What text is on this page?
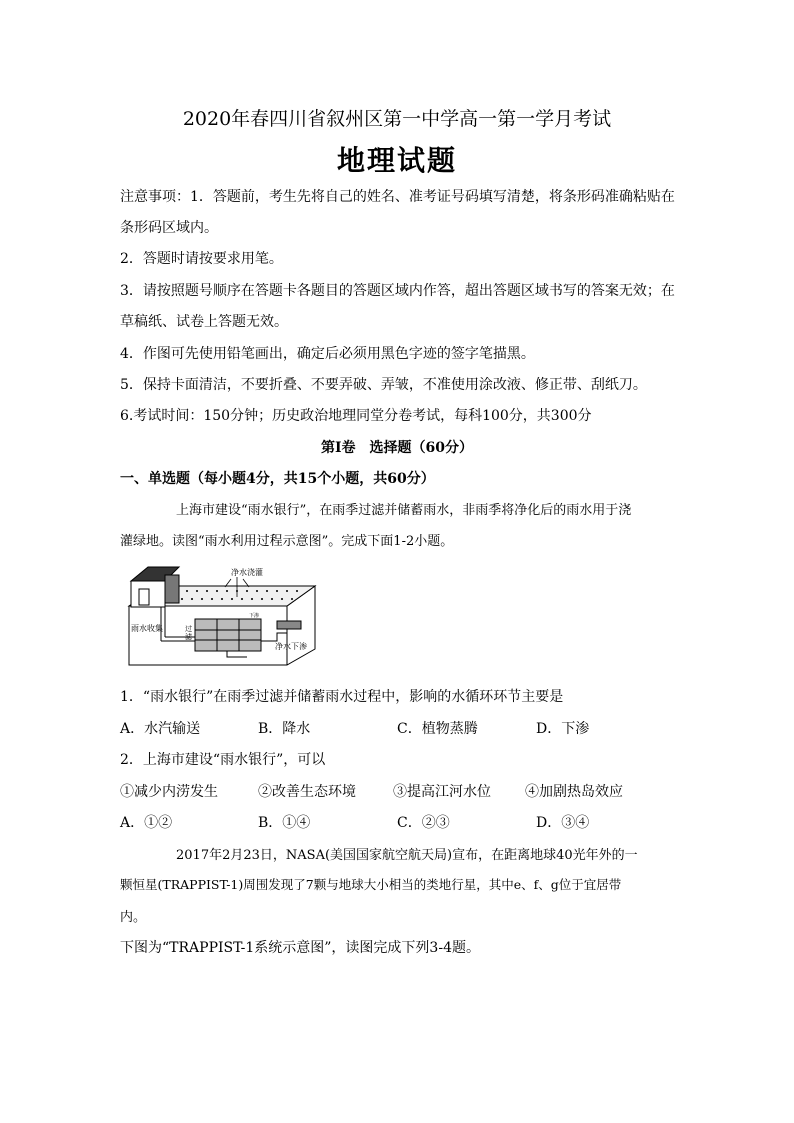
2020年春四川省叙州区第一中学高一第一学月考试
地理试题
注意事项：1．答题前，考生先将自己的姓名、准考证号码填写清楚，将条形码准确粘贴在
条形码区域内。
2．答题时请按要求用笔。
3．请按照题号顺序在答题卡各题目的答题区域内作答，超出答题区域书写的答案无效；在
草稿纸、试卷上答题无效。
4．作图可先使用铅笔画出，确定后必须用黑色字迹的签字笔描黑。
5．保持卡面清洁，不要折叠、不要弄破、弄皱，不准使用涂改液、修正带、刮纸刀。
6.考试时间：150分钟；历史政治地理同堂分卷考试，每科100分，共300分
第Ⅰ卷　选择题（60分）
一、单选题（每小题4分，共15个小题，共60分）
上海市建设“雨水银行”，在雨季过滤并储蓄雨水，非雨季将净化后的雨水用于浇
灌绿地。读图“雨水利用过程示意图”。完成下面1-2小题。
净水浇灌
雨水收集	过
滤
下渗
净水下渗
1．“雨水银行”在雨季过滤并储蓄雨水过程中，影响的水循环环节主要是
A．水汽输送	B．降水	C．植物蒸腾	D．下渗
2．上海市建设“雨水银行”，可以
①减少内涝发生	②改善生态环境	③提高江河水位 ④加剧热岛效应
A．①②	B．①④	C．②③	D．③④
2017年2月23日，NASA(美国国家航空航天局)宣布，在距离地球40光年外的一
颗恒星(TRAPPIST-1)周围发现了7颗与地球大小相当的类地行星，其中e、f、g位于宜居带
内。
下图为“TRAPPIST-1系统示意图”，读图完成下列3-4题。
